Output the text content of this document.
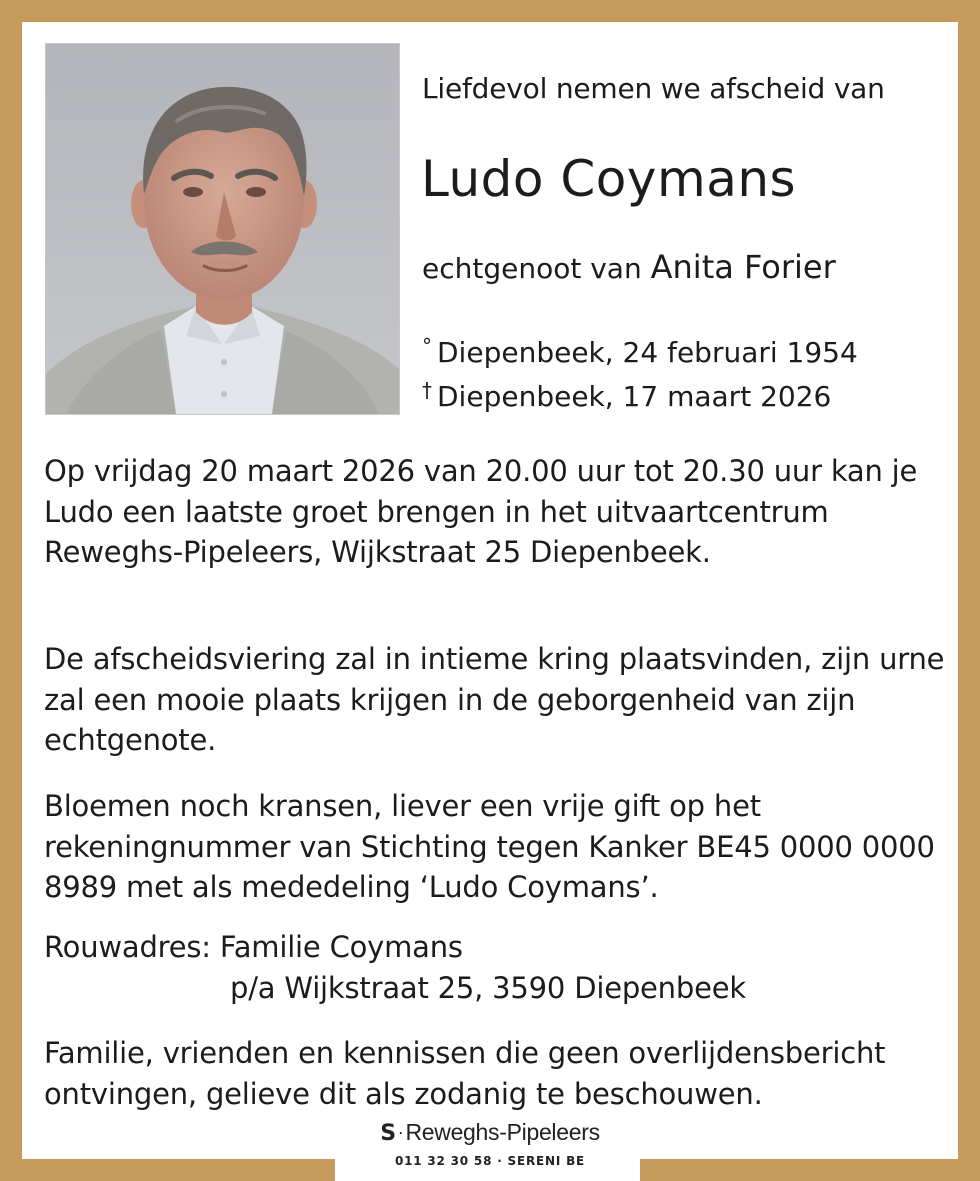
Liefdevol nemen we afscheid van
Ludo Coymans
echtgenoot van Anita Forier
° Diepenbeek, 24 februari 1954
† Diepenbeek, 17 maart 2026

Op vrijdag 20 maart 2026 van 20.00 uur tot 20.30 uur kan je Ludo een laatste groet brengen in het uitvaartcentrum Reweghs-Pipeleers, Wijkstraat 25 Diepenbeek.

De afscheidsviering zal in intieme kring plaatsvinden, zijn urne zal een mooie plaats krijgen in de geborgenheid van zijn echtgenote.

Bloemen noch kransen, liever een vrije gift op het rekeningnummer van Stichting tegen Kanker BE45 0000 0000 8989 met als mededeling ‘Ludo Coymans’.

Rouwadres: Familie Coymans
p/a Wijkstraat 25, 3590 Diepenbeek

Familie, vrienden en kennissen die geen overlijdensbericht ontvingen, gelieve dit als zodanig te beschouwen.

S ·Reweghs-Pipeleers
011 32 30 58 · SERENI BE
